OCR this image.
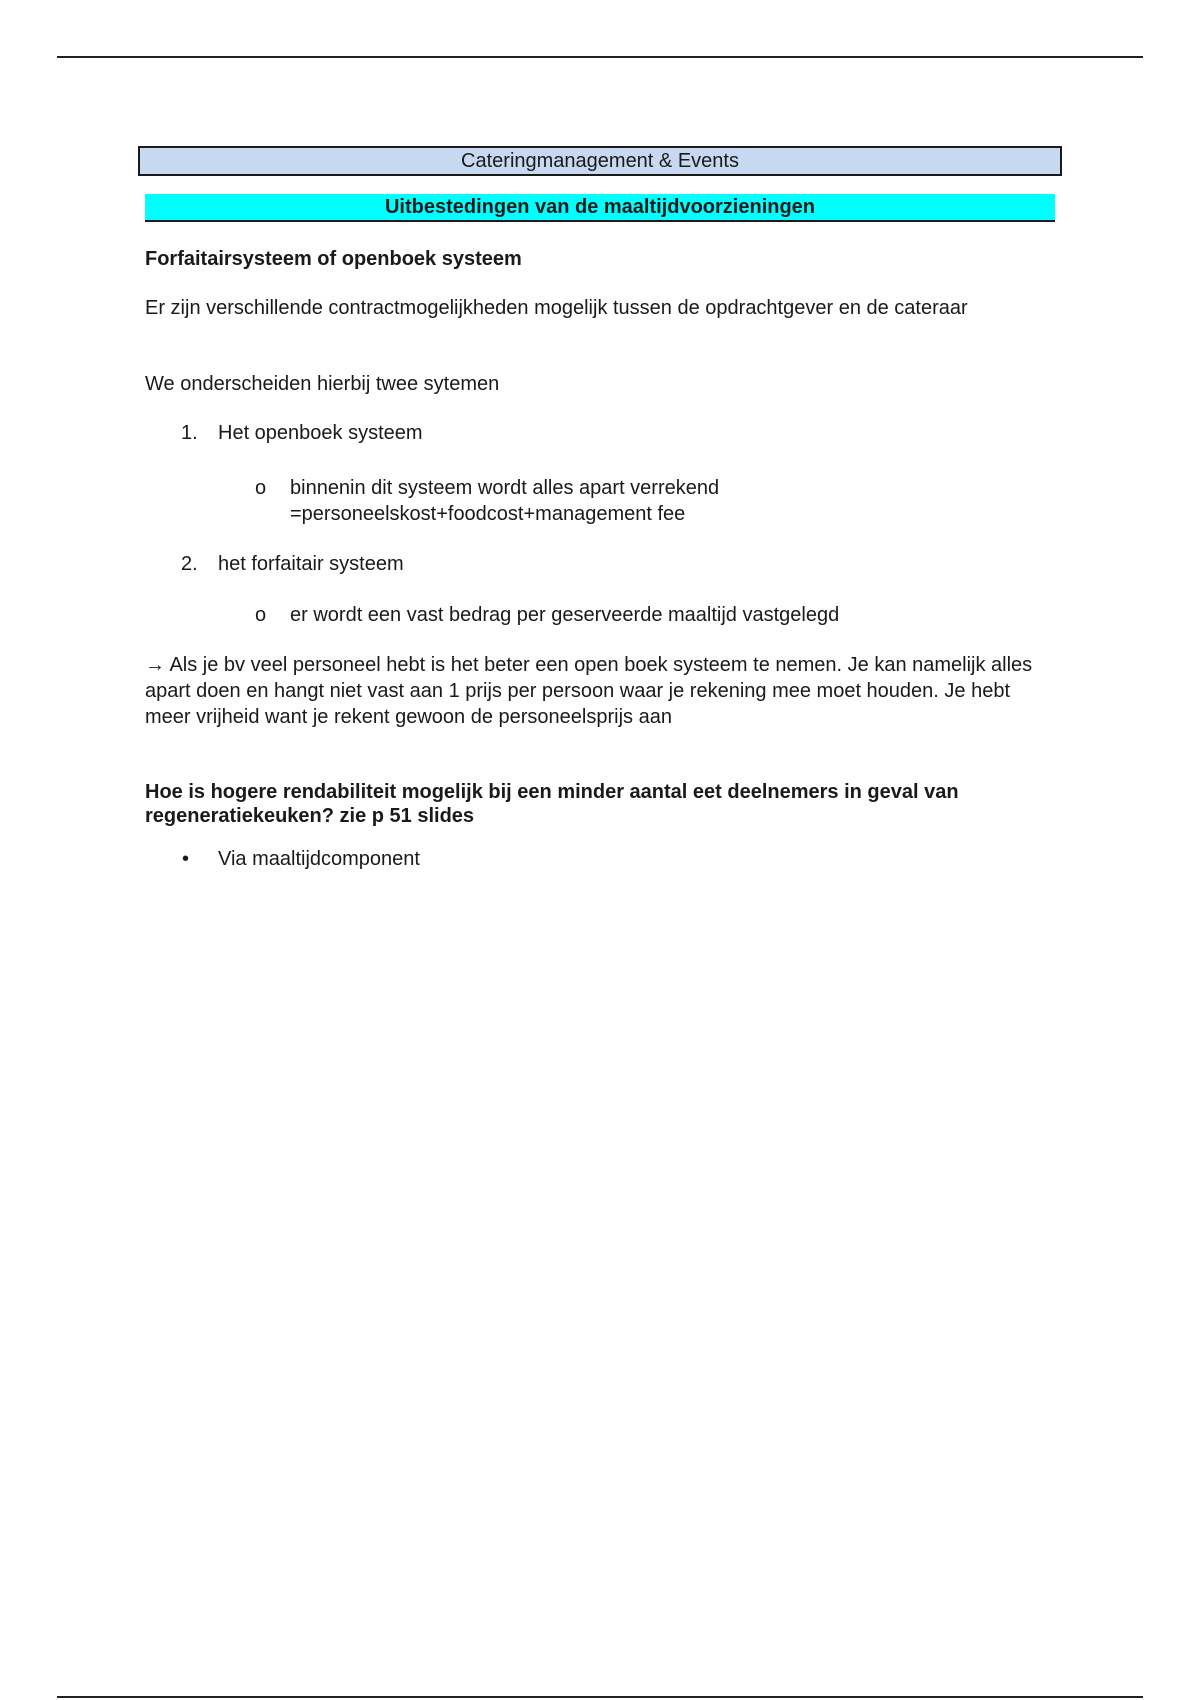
Cateringmanagement & Events
Uitbestedingen van de maaltijdvoorzieningen

Forfaitairsysteem of openboek systeem

Er zijn verschillende contractmogelijkheden mogelijk tussen de opdrachtgever en de cateraar

We onderscheiden hierbij twee sytemen

1. Het openboek systeem
o binnenin dit systeem wordt alles apart verrekend
=personeelskost+foodcost+management fee
2. het forfaitair systeem
o er wordt een vast bedrag per geserveerde maaltijd vastgelegd

→ Als je bv veel personeel hebt is het beter een open boek systeem te nemen. Je kan namelijk alles apart doen en hangt niet vast aan 1 prijs per persoon waar je rekening mee moet houden. Je hebt meer vrijheid want je rekent gewoon de personeelsprijs aan

Hoe is hogere rendabiliteit mogelijk bij een minder aantal eet deelnemers in geval van regeneratiekeuken? zie p 51 slides

• Via maaltijdcomponent
